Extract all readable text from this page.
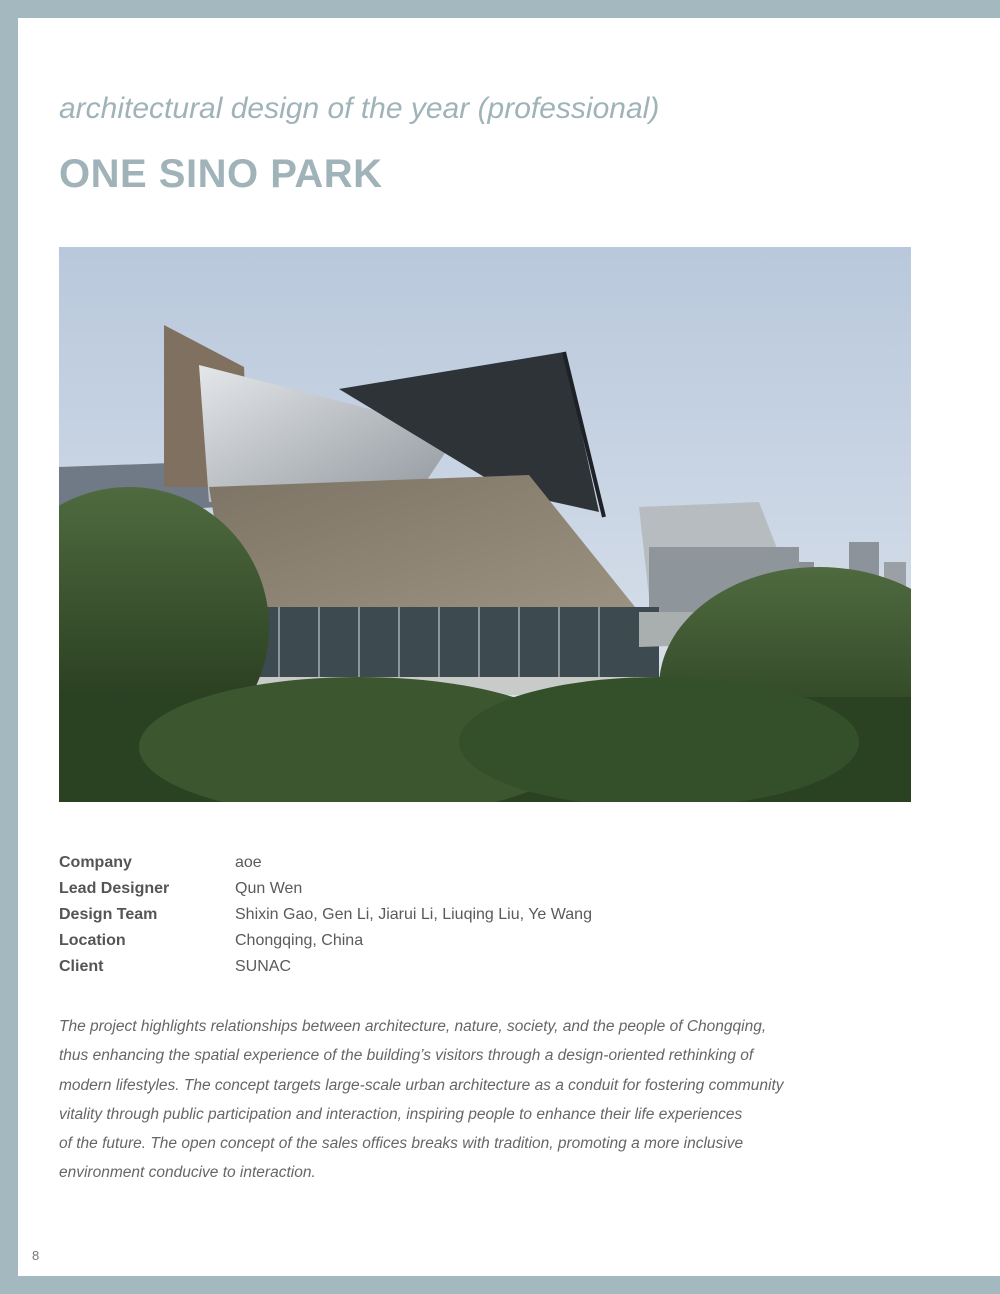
architectural design of the year (professional)
ONE SINO PARK
Company	aoe
Lead Designer	Qun Wen
Design Team	Shixin Gao, Gen Li, Jiarui Li, Liuqing Liu, Ye Wang
Location	Chongqing, China
Client	SUNAC

The project highlights relationships between architecture, nature, society, and the people of Chongqing,

thus enhancing the spatial experience of the building’s visitors through a design-oriented rethinking of

modern lifestyles. The concept targets large-scale urban architecture as a conduit for fostering community

vitality through public participation and interaction, inspiring people to enhance their life experiences

of the future. The open concept of the sales offices breaks with tradition, promoting a more inclusive

environment conducive to interaction.

8
